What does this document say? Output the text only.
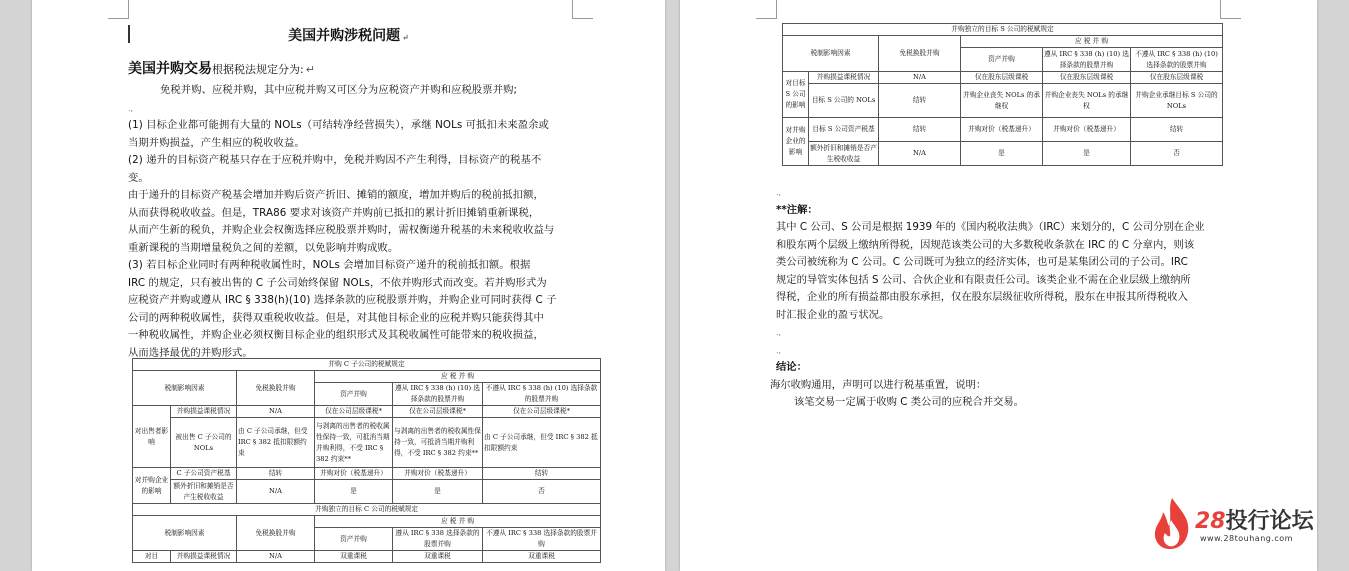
美国并购涉税问题 ↵
美国并购交易根据税法规定分为: ↵
免税并购、应税并购，其中应税并购又可区分为应税资产并购和应税股票并购;
.,
(1) 目标企业都可能拥有大量的 NOLs（可结转净经营损失），承继 NOLs 可抵扣未来盈余或
当期并购损益，产生相应的税收收益。
(2) 递升的目标资产税基只存在于应税并购中，免税并购因不产生利得，目标资产的税基不
变。
由于递升的目标资产税基会增加并购后资产折旧、摊销的额度，增加并购后的税前抵扣额，
从而获得税收收益。但是，TRA86 要求对该资产并购前已抵扣的累计折旧摊销重新课税，
从而产生新的税负，并购企业会权衡选择应税股票并购时，需权衡递升税基的未来税收收益与
重新课税的当期增量税负之间的差额，以免影响并购成败。
(3) 若目标企业同时有两种税收属性时，NOLs 会增加目标资产递升的税前抵扣额。根据
IRC 的规定，只有被出售的 C 子公司始终保留 NOLs，不依并购形式而改变。若并购形式为
应税资产并购或遵从 IRC § 338(h)(10) 选择条款的应税股票并购，并购企业可同时获得 C 子
公司的两种税收属性，获得双重税收收益。但是，对其他目标企业的应税并购只能获得其中
一种税收属性，并购企业必须权衡目标企业的组织形式及其税收属性可能带来的税收损益，
从而选择最优的并购形式。
并购 C 子公司的税赋规定					
税制影响因素		免税换股并购	应 税 并 购		
			资产并购	遵从 IRC § 338 (h) (10) 选择条款的股票并购	不遵从 IRC § 338 (h) (10) 选择条款的股票并购
对出售者影响	并购损益课税情况	N/A	仅在公司层级课税*	仅在公司层级课税*	仅在公司层级课税*
	被出售 C 子公司的 NOLs	由 C 子公司承继，但受 IRC § 382 抵扣限额约束	与剥离的出售者的税收属性保持一致，可抵消当期并购利得，不受 IRC § 382 约束**	与剥离的出售者的税收属性保持一致，可抵消当期并购利得，不受 IRC § 382 约束**	由 C 子公司承继，但受 IRC § 382 抵扣限额约束
对并购企业的影响	C 子公司资产税基	结转	并购对价（税基递升）	并购对价（税基递升）	结转
	额外折旧和摊销是否产生税收收益	N/A	是	是	否
并购独立的目标 C 公司的税赋规定					
税制影响因素		免税换股并购	应 税 并 购		
			资产并购	遵从 IRC § 338 选择条款的股票并购	不遵从 IRC § 338 选择条款的股票并购
对目	并购损益课税情况	N/A	双重课税	双重课税	双重课税
并购独立的目标 S 公司的税赋规定					
税制影响因素		免税换股并购	应 税 并 购		
			资产并购	遵从 IRC § 338 (h) (10) 选择条款的股票并购	不遵从 IRC § 338 (h) (10) 选择条款的股票并购
对目标 S 公司的影响	并购损益课税情况	N/A	仅在股东层级课税	仅在股东层级课税	仅在股东层级课税
	目标 S 公司的 NOLs	结转	并购企业丧失 NOLs 的承继权	并购企业丧失 NOLs 的承继权	并购企业承继目标 S 公司的 NOLs
对并购企业的影响	目标 S 公司资产税基	结转	并购对价（税基递升）	并购对价（税基递升）	结转
	额外折旧和摊销是否产生税收收益	N/A	是	是	否
.,
**注解：
其中 C 公司、S 公司是根据 1939 年的《国内税收法典》（IRC）来划分的，C 公司分别在企业
和股东两个层级上缴纳所得税，因规范该类公司的大多数税收条款在 IRC 的 C 分章内，则该
类公司被统称为 C 公司。C 公司既可为独立的经济实体，也可是某集团公司的子公司。IRC
规定的导管实体包括 S 公司、合伙企业和有限责任公司。该类企业不需在企业层级上缴纳所
得税，企业的所有损益都由股东承担，仅在股东层级征收所得税，股东在申报其所得税收入
时汇报企业的盈亏状况。
.,
.,
结论：
海尔收购通用，声明可以进行税基重置，说明：
该笔交易一定属于收购 C 类公司的应税合并交易。
28投行论坛
www.28touhang.com
